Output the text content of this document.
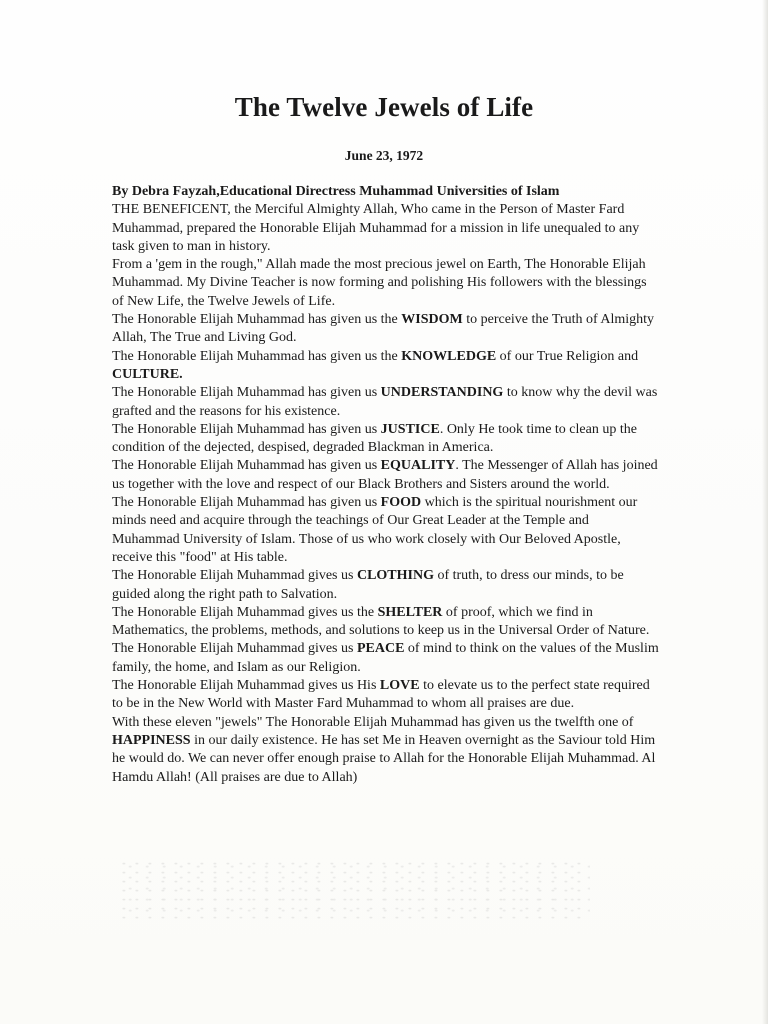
The Twelve Jewels of Life
June 23, 1972

By Debra Fayzah,Educational Directress Muhammad Universities of Islam

THE BENEFICENT, the Merciful Almighty Allah, Who came in the Person of Master Fard Muhammad, prepared the Honorable Elijah Muhammad for a mission in life unequaled to any task given to man in history.

From a 'gem in the rough," Allah made the most precious jewel on Earth, The Honorable Elijah Muhammad. My Divine Teacher is now forming and polishing His followers with the blessings of New Life, the Twelve Jewels of Life.

The Honorable Elijah Muhammad has given us the WISDOM to perceive the Truth of Almighty Allah, The True and Living God.

The Honorable Elijah Muhammad has given us the KNOWLEDGE of our True Religion and CULTURE.

The Honorable Elijah Muhammad has given us UNDERSTANDING to know why the devil was grafted and the reasons for his existence.

The Honorable Elijah Muhammad has given us JUSTICE. Only He took time to clean up the condition of the dejected, despised, degraded Blackman in America.

The Honorable Elijah Muhammad has given us EQUALITY. The Messenger of Allah has joined us together with the love and respect of our Black Brothers and Sisters around the world.

The Honorable Elijah Muhammad has given us FOOD which is the spiritual nourishment our minds need and acquire through the teachings of Our Great Leader at the Temple and Muhammad University of Islam. Those of us who work closely with Our Beloved Apostle, receive this "food" at His table.

The Honorable Elijah Muhammad gives us CLOTHING of truth, to dress our minds, to be guided along the right path to Salvation.

The Honorable Elijah Muhammad gives us the SHELTER of proof, which we find in Mathematics, the problems, methods, and solutions to keep us in the Universal Order of Nature.

The Honorable Elijah Muhammad gives us PEACE of mind to think on the values of the Muslim family, the home, and Islam as our Religion.

The Honorable Elijah Muhammad gives us His LOVE to elevate us to the perfect state required to be in the New World with Master Fard Muhammad to whom all praises are due.

With these eleven "jewels" The Honorable Elijah Muhammad has given us the twelfth one of HAPPINESS in our daily existence. He has set Me in Heaven overnight as the Saviour told Him he would do. We can never offer enough praise to Allah for the Honorable Elijah Muhammad. Al Hamdu Allah! (All praises are due to Allah)
